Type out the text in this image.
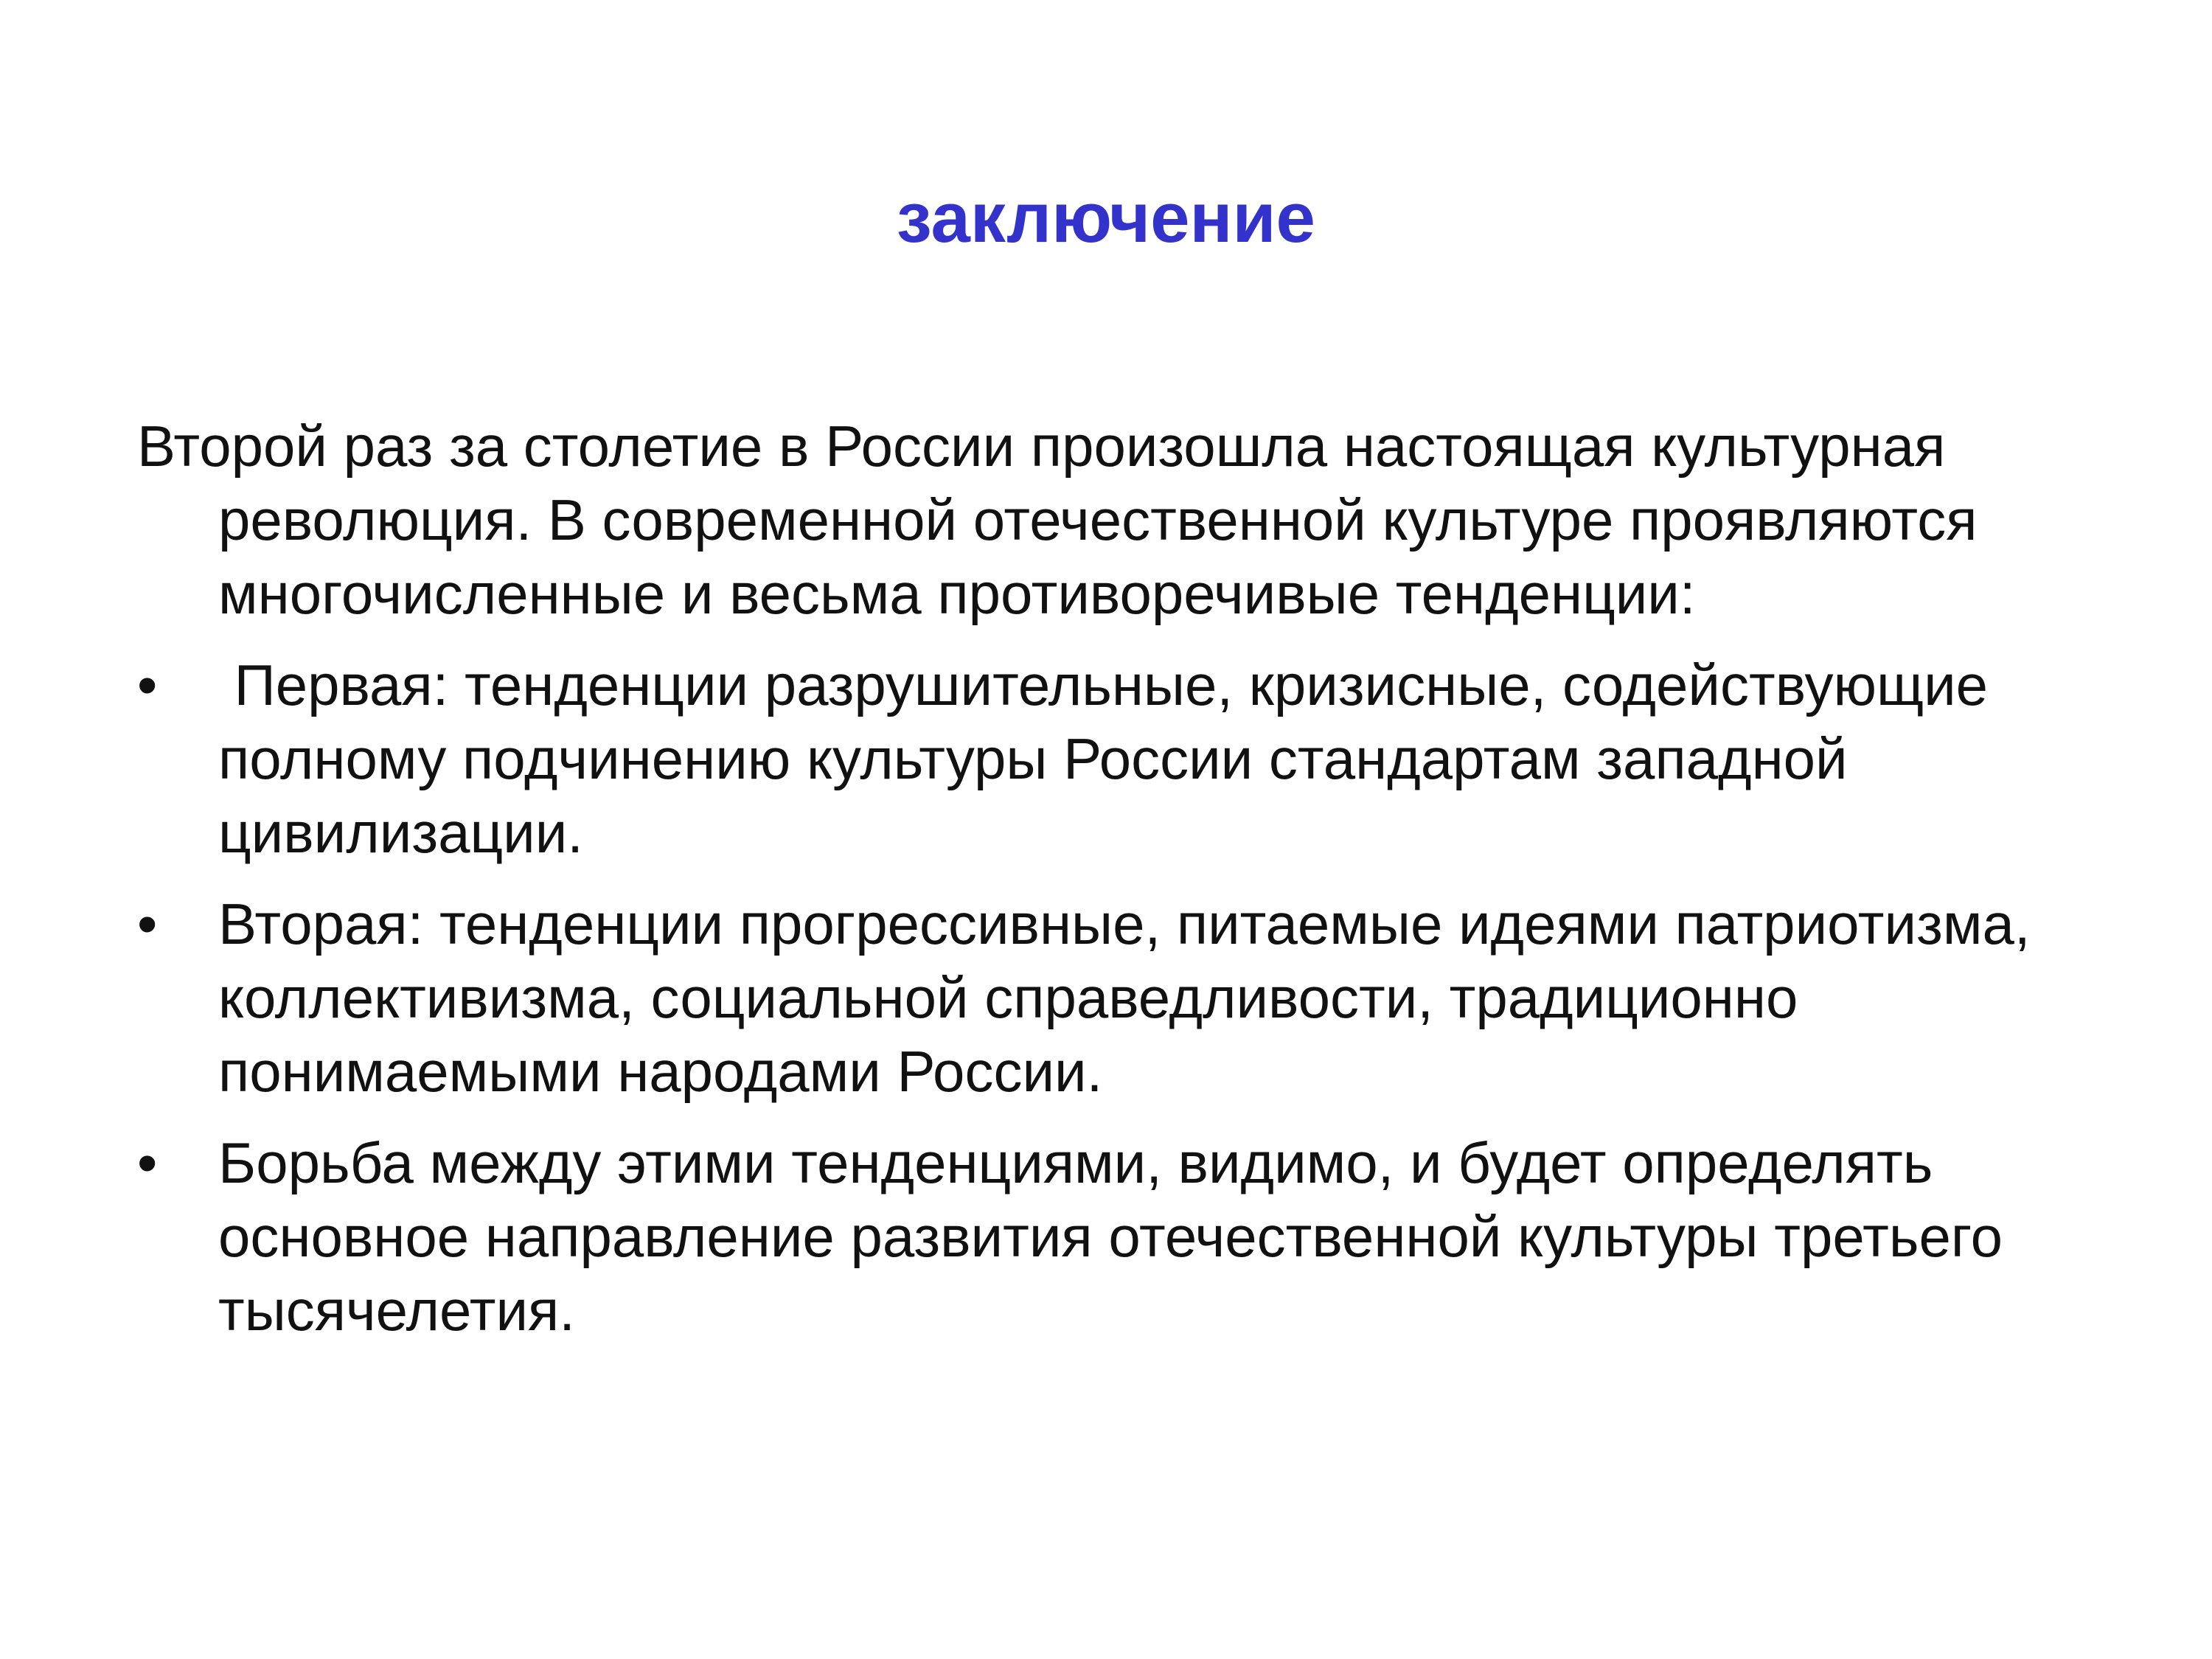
заключение

Второй раз за столетие в России произошла настоящая культурная революция. В современной отечественной культуре проявляются многочисленные и весьма противоречивые тенденции:

•	Первая: тенденции разрушительные, кризисные, содействующие полному подчинению культуры России стандартам западной цивилизации.
•	Вторая: тенденции прогрессивные, питаемые идеями патриотизма, коллективизма, социальной справедливости, традиционно понимаемыми народами России.
•	Борьба между этими тенденциями, видимо, и будет определять основное направление развития отечественной культуры третьего тысячелетия.
